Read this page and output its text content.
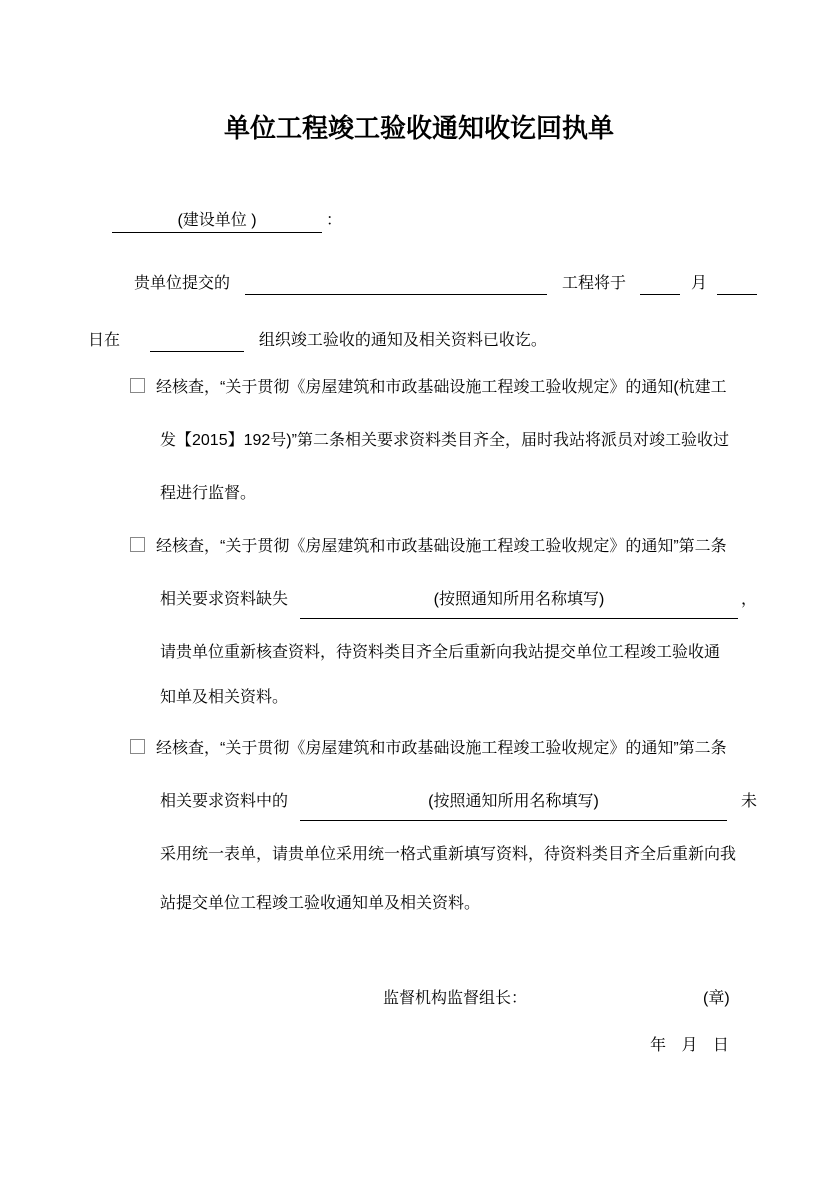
单位工程竣工验收通知收讫回执单
(建设单位 )	：
贵单位提交的	工程将于	月
日在	组织竣工验收的通知及相关资料已收讫。
经核查，“关于贯彻《房屋建筑和市政基础设施工程竣工验收规定》的通知(杭建工
发【2015】192号)”第二条相关要求资料类目齐全，届时我站将派员对竣工验收过
程进行监督。
经核查，“关于贯彻《房屋建筑和市政基础设施工程竣工验收规定》的通知”第二条
相关要求资料缺失	(按照通知所用名称填写)	，
请贵单位重新核查资料，待资料类目齐全后重新向我站提交单位工程竣工验收通
知单及相关资料。
经核查，“关于贯彻《房屋建筑和市政基础设施工程竣工验收规定》的通知”第二条
相关要求资料中的	(按照通知所用名称填写)	未
采用统一表单，请贵单位采用统一格式重新填写资料，待资料类目齐全后重新向我
站提交单位工程竣工验收通知单及相关资料。
监督机构监督组长：	(章)
年 月 日
